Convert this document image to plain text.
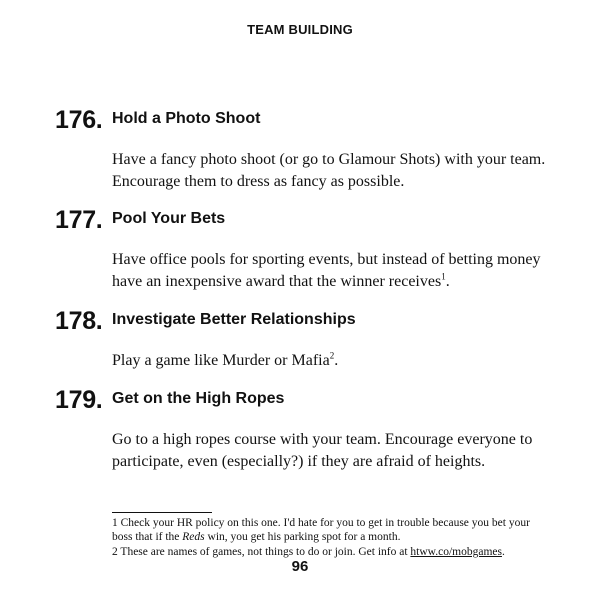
TEAM BUILDING
176. Hold a Photo Shoot
Have a fancy photo shoot (or go to Glamour Shots) with your team. Encourage them to dress as fancy as possible.
177. Pool Your Bets
Have office pools for sporting events, but instead of betting money have an inexpensive award that the winner receives$^1$.
178. Investigate Better Relationships
Play a game like Murder or Mafia$^2$.
179. Get on the High Ropes
Go to a high ropes course with your team. Encourage everyone to participate, even (especially?) if they are afraid of heights.
1 Check your HR policy on this one. I'd hate for you to get in trouble because you bet your boss that if the Reds win, you get his parking spot for a month.
2 These are names of games, not things to do or join. Get info at htww.co/mobgames.
96
